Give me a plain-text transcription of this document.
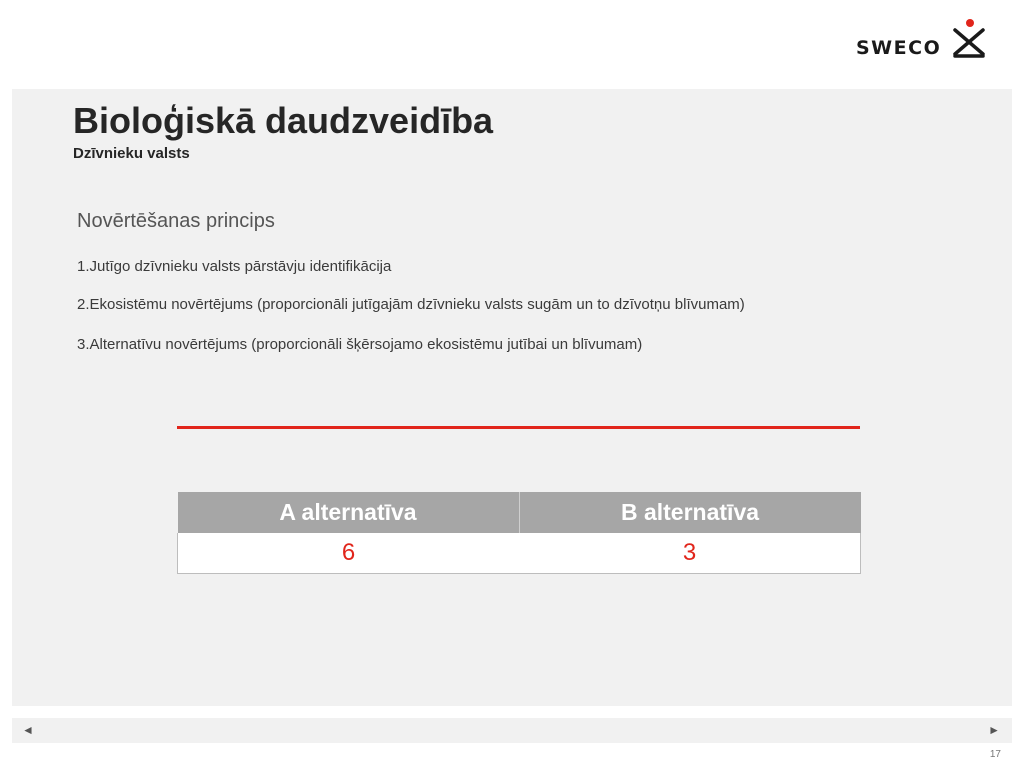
SWECO
Bioloģiskā daudzveidība

Dzīvnieku valsts

Novērtēšanas princips

1.Jutīgo dzīvnieku valsts pārstāvju identifikācija

2.Ekosistēmu novērtējums (proporcionāli jutīgajām dzīvnieku valsts sugām un to dzīvotņu blīvumam)

3.Alternatīvu novērtējums (proporcionāli šķērsojamo ekosistēmu jutībai un blīvumam)

A alternatīva	B alternatīva
6	3
◄	►
17
